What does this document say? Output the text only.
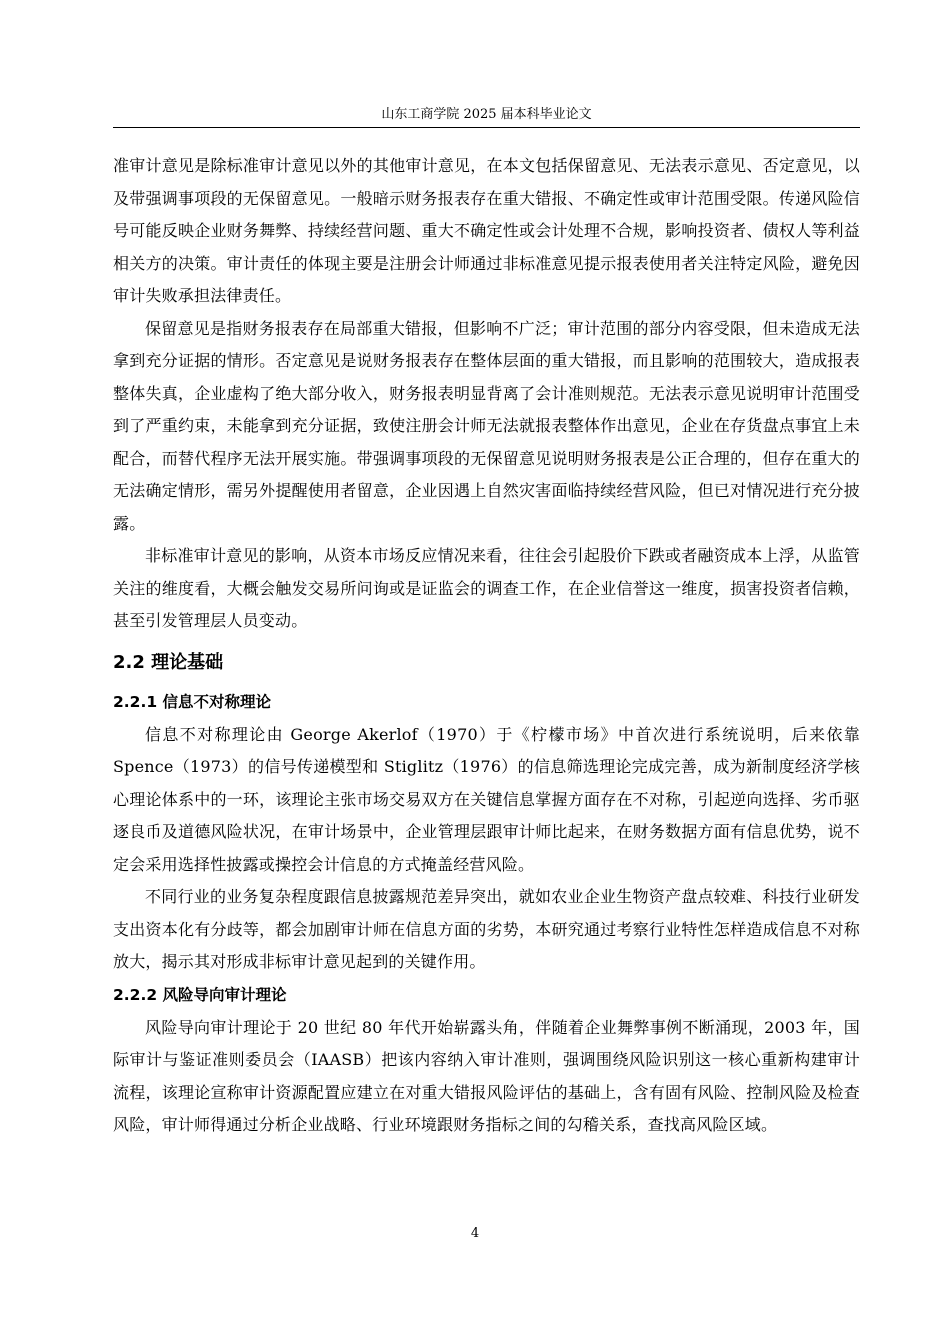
山东工商学院 2025 届本科毕业论文

准审计意见是除标准审计意见以外的其他审计意见，在本文包括保留意见、无法表示意见、否定意见，以及带强调事项段的无保留意见。一般暗示财务报表存在重大错报、不确定性或审计范围受限。传递风险信号可能反映企业财务舞弊、持续经营问题、重大不确定性或会计处理不合规，影响投资者、债权人等利益相关方的决策。审计责任的体现主要是注册会计师通过非标准意见提示报表使用者关注特定风险，避免因审计失败承担法律责任。

保留意见是指财务报表存在局部重大错报，但影响不广泛；审计范围的部分内容受限，但未造成无法拿到充分证据的情形。否定意见是说财务报表存在整体层面的重大错报，而且影响的范围较大，造成报表整体失真，企业虚构了绝大部分收入，财务报表明显背离了会计准则规范。无法表示意见说明审计范围受到了严重约束，未能拿到充分证据，致使注册会计师无法就报表整体作出意见，企业在存货盘点事宜上未配合，而替代程序无法开展实施。带强调事项段的无保留意见说明财务报表是公正合理的，但存在重大的无法确定情形，需另外提醒使用者留意，企业因遇上自然灾害面临持续经营风险，但已对情况进行充分披露。

非标准审计意见的影响，从资本市场反应情况来看，往往会引起股价下跌或者融资成本上浮，从监管关注的维度看，大概会触发交易所问询或是证监会的调查工作，在企业信誉这一维度，损害投资者信赖，甚至引发管理层人员变动。

2.2 理论基础
2.2.1 信息不对称理论

信息不对称理论由 George Akerlof（1970）于《柠檬市场》中首次进行系统说明，后来依靠 Spence（1973）的信号传递模型和 Stiglitz（1976）的信息筛选理论完成完善，成为新制度经济学核心理论体系中的一环，该理论主张市场交易双方在关键信息掌握方面存在不对称，引起逆向选择、劣币驱逐良币及道德风险状况，在审计场景中，企业管理层跟审计师比起来，在财务数据方面有信息优势，说不定会采用选择性披露或操控会计信息的方式掩盖经营风险。

不同行业的业务复杂程度跟信息披露规范差异突出，就如农业企业生物资产盘点较难、科技行业研发支出资本化有分歧等，都会加剧审计师在信息方面的劣势，本研究通过考察行业特性怎样造成信息不对称放大，揭示其对形成非标审计意见起到的关键作用。

2.2.2 风险导向审计理论

风险导向审计理论于 20 世纪 80 年代开始崭露头角，伴随着企业舞弊事例不断涌现，2003 年，国际审计与鉴证准则委员会（IAASB）把该内容纳入审计准则，强调围绕风险识别这一核心重新构建审计流程，该理论宣称审计资源配置应建立在对重大错报风险评估的基础上，含有固有风险、控制风险及检查风险，审计师得通过分析企业战略、行业环境跟财务指标之间的勾稽关系，查找高风险区域。

4
